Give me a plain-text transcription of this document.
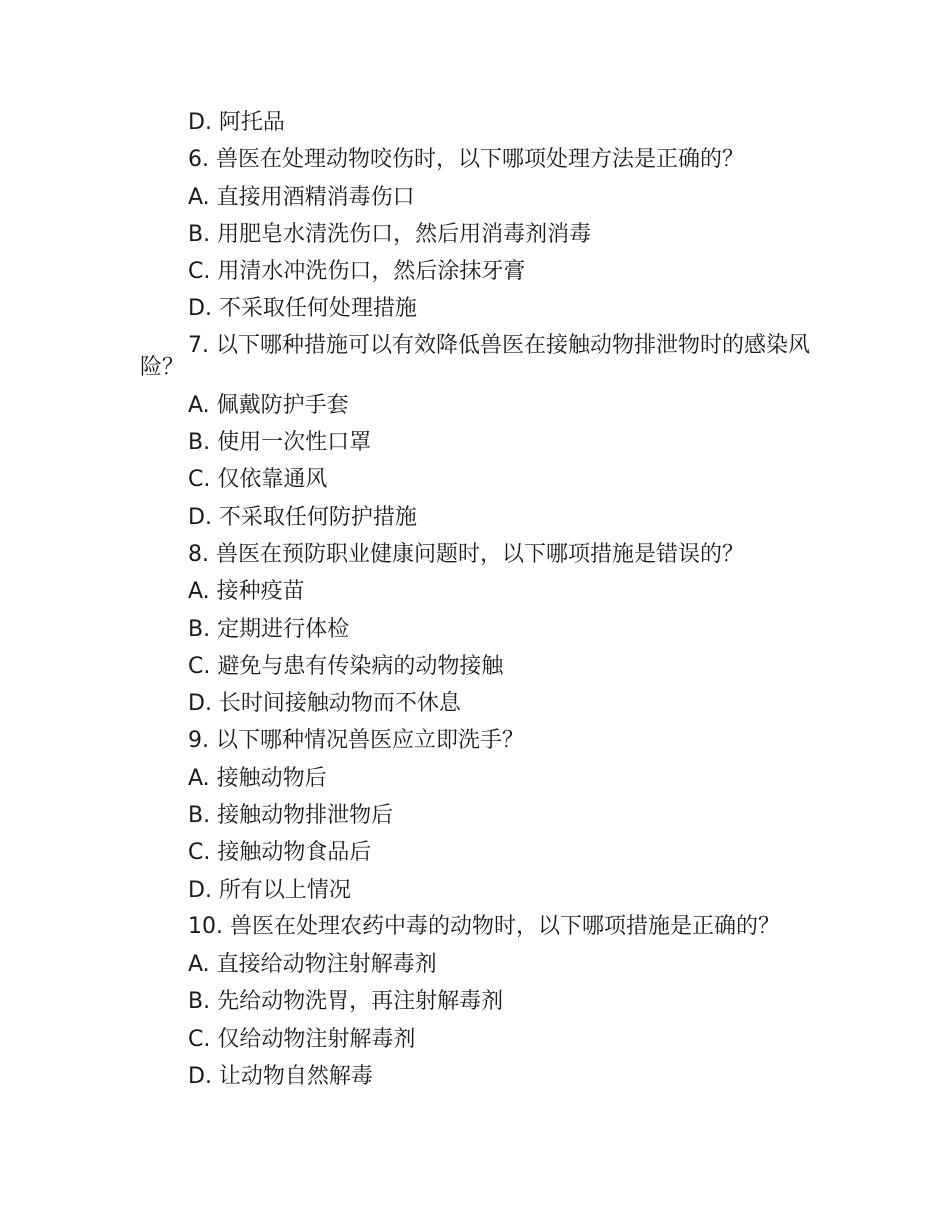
D. 阿托品

6. 兽医在处理动物咬伤时，以下哪项处理方法是正确的？

A. 直接用酒精消毒伤口

B. 用肥皂水清洗伤口，然后用消毒剂消毒

C. 用清水冲洗伤口，然后涂抹牙膏

D. 不采取任何处理措施

7. 以下哪种措施可以有效降低兽医在接触动物排泄物时的感染风险？

A. 佩戴防护手套

B. 使用一次性口罩

C. 仅依靠通风

D. 不采取任何防护措施

8. 兽医在预防职业健康问题时，以下哪项措施是错误的？

A. 接种疫苗

B. 定期进行体检

C. 避免与患有传染病的动物接触

D. 长时间接触动物而不休息

9. 以下哪种情况兽医应立即洗手？

A. 接触动物后

B. 接触动物排泄物后

C. 接触动物食品后

D. 所有以上情况

10. 兽医在处理农药中毒的动物时，以下哪项措施是正确的？

A. 直接给动物注射解毒剂

B. 先给动物洗胃，再注射解毒剂

C. 仅给动物注射解毒剂

D. 让动物自然解毒
